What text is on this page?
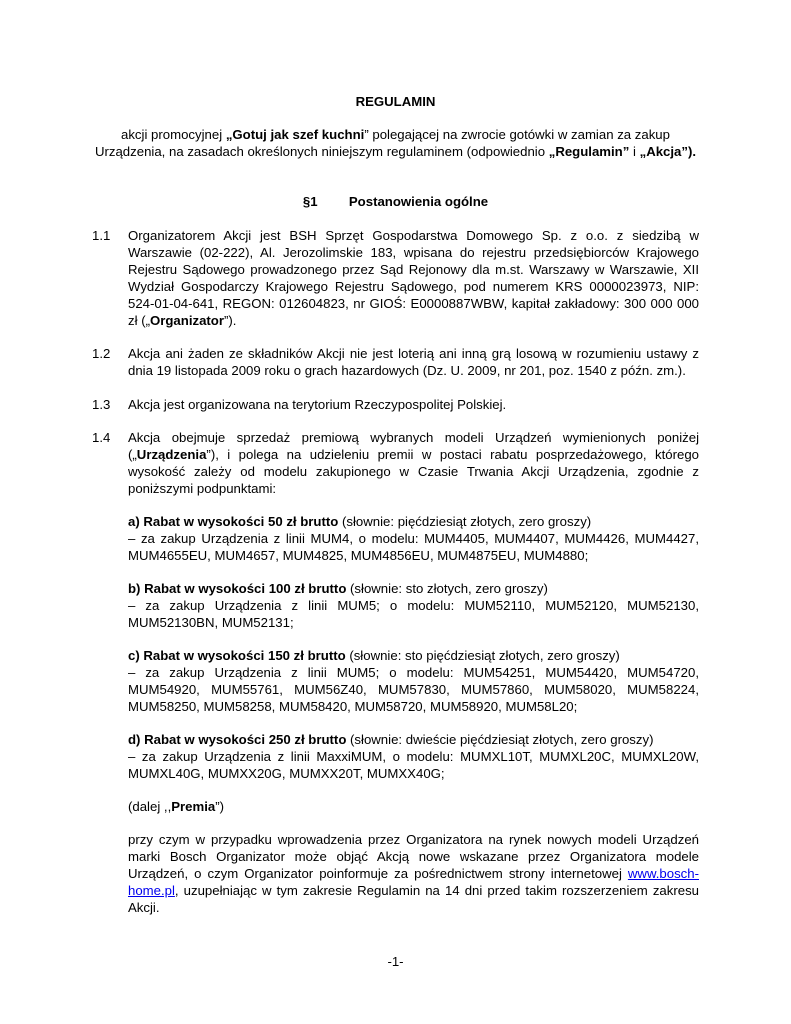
REGULAMIN
akcji promocyjnej „Gotuj jak szef kuchni” polegającej na zwrocie gotówki w zamian za zakup Urządzenia, na zasadach określonych niniejszym regulaminem (odpowiednio „Regulamin” i „Akcja”).
§1 Postanowienia ogólne
1.1 Organizatorem Akcji jest BSH Sprzęt Gospodarstwa Domowego Sp. z o.o. z siedzibą w Warszawie (02-222), Al. Jerozolimskie 183, wpisana do rejestru przedsiębiorców Krajowego Rejestru Sądowego prowadzonego przez Sąd Rejonowy dla m.st. Warszawy w Warszawie, XII Wydział Gospodarczy Krajowego Rejestru Sądowego, pod numerem KRS 0000023973, NIP: 524-01-04-641, REGON: 012604823, nr GIOŚ: E0000887WBW, kapitał zakładowy: 300 000 000 zł („Organizator”).
1.2 Akcja ani żaden ze składników Akcji nie jest loterią ani inną grą losową w rozumieniu ustawy z dnia 19 listopada 2009 roku o grach hazardowych (Dz. U. 2009, nr 201, poz. 1540 z późn. zm.).
1.3 Akcja jest organizowana na terytorium Rzeczypospolitej Polskiej.
1.4 Akcja obejmuje sprzedaż premiową wybranych modeli Urządzeń wymienionych poniżej („Urządzenia”), i polega na udzieleniu premii w postaci rabatu posprzedażowego, którego wysokość zależy od modelu zakupionego w Czasie Trwania Akcji Urządzenia, zgodnie z poniższymi podpunktami:
a) Rabat w wysokości 50 zł brutto (słownie: pięćdziesiąt złotych, zero groszy)
– za zakup Urządzenia z linii MUM4, o modelu: MUM4405, MUM4407, MUM4426, MUM4427, MUM4655EU, MUM4657, MUM4825, MUM4856EU, MUM4875EU, MUM4880;
b) Rabat w wysokości 100 zł brutto (słownie: sto złotych, zero groszy)
– za zakup Urządzenia z linii MUM5; o modelu: MUM52110, MUM52120, MUM52130, MUM52130BN, MUM52131;
c) Rabat w wysokości 150 zł brutto (słownie: sto pięćdziesiąt złotych, zero groszy)
– za zakup Urządzenia z linii MUM5; o modelu: MUM54251, MUM54420, MUM54720, MUM54920, MUM55761, MUM56Z40, MUM57830, MUM57860, MUM58020, MUM58224, MUM58250, MUM58258, MUM58420, MUM58720, MUM58920, MUM58L20;
d) Rabat w wysokości 250 zł brutto (słownie: dwieście pięćdziesiąt złotych, zero groszy)
– za zakup Urządzenia z linii MaxxiMUM, o modelu: MUMXL10T, MUMXL20C, MUMXL20W, MUMXL40G, MUMXX20G, MUMXX20T, MUMXX40G;
(dalej ,,Premia”)
przy czym w przypadku wprowadzenia przez Organizatora na rynek nowych modeli Urządzeń marki Bosch Organizator może objąć Akcją nowe wskazane przez Organizatora modele Urządzeń, o czym Organizator poinformuje za pośrednictwem strony internetowej www.bosch-home.pl, uzupełniając w tym zakresie Regulamin na 14 dni przed takim rozszerzeniem zakresu Akcji.
-1-
